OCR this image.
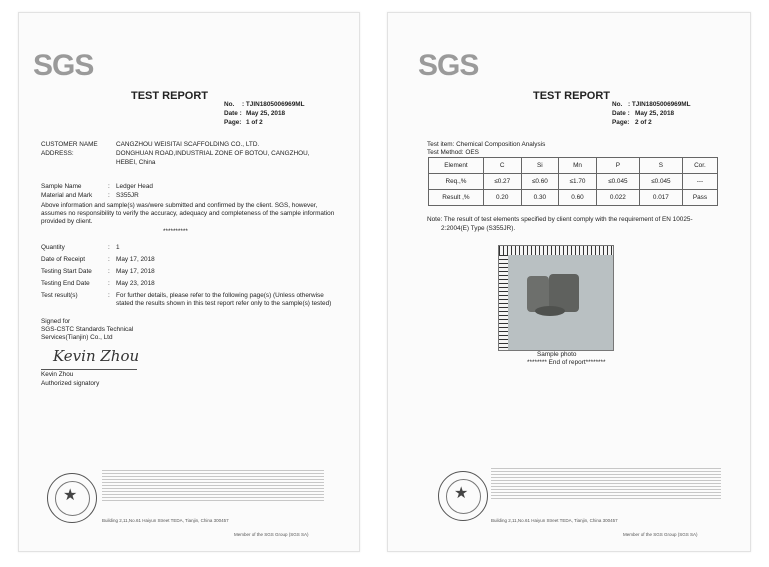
SGS
TEST REPORT
No. : TJIN1805006969ML
Date : May 25, 2018
Page: 1 of 2
CUSTOMER NAME	CANGZHOU WEISITAI SCAFFOLDING CO., LTD.
ADDRESS:	DONGHUAN ROAD,INDUSTRIAL ZONE OF BOTOU, CANGZHOU,
HEBEI, China
Sample Name	: Ledger Head
Material and Mark : S355JR
Above information and sample(s) was/were submitted and confirmed by the client. SGS, however, assumes no responsibility to verify the accuracy, adequacy and completeness of the sample information provided by client.
**********
Quantity	: 1
Date of Receipt	: May 17, 2018
Testing Start Date	: May 17, 2018
Testing End Date	: May 23, 2018
Test result(s)	: For further details, please refer to the following page(s) (Unless otherwise stated the results shown in this test report refer only to the sample(s) tested)
Signed for
SGS-CSTC Standards Technical
Services(Tianjin) Co., Ltd
Kevin Zhou
Kevin Zhou
Authorized signatory
★
Building 2,11,No.61 Haiyun Street TEDA, Tianjin, China 300457
Member of the SGS Group (SGS SA)
SGS
TEST REPORT
No. : TJIN1805006969ML
Date : May 25, 2018
Page: 2 of 2
Test item: Chemical Composition Analysis
Test Method: OES
Element	C	Si	Mn	P	S	Cor.
Req.,%	≤0.27	≤0.60	≤1.70	≤0.045	≤0.045	---
Result ,%	0.20	0.30	0.60	0.022	0.017	Pass
Note: The result of test elements specified by client comply with the requirement of EN 10025-
2:2004(E) Type (S355JR).
Sample photo
******** End of report********
★
Building 2,11,No.61 Haiyun Street TEDA, Tianjin, China 300457
Member of the SGS Group (SGS SA)
